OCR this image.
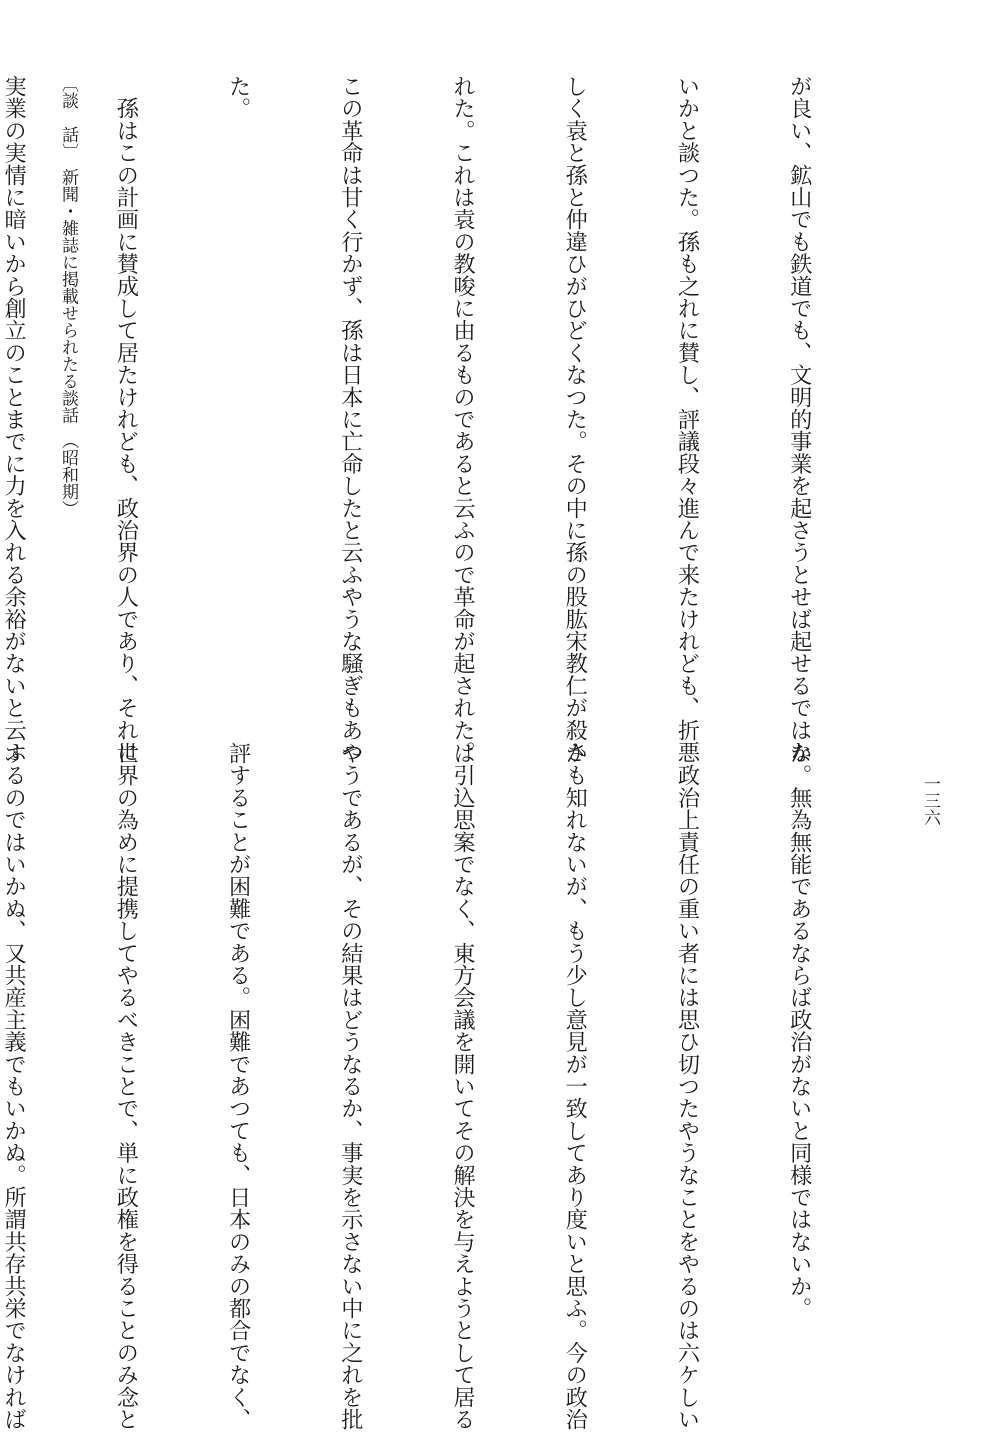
〔談　話〕　新聞・雑誌に掲載せられたる談話　（昭和期）
一三六

が良い、鉱山でも鉄道でも、文明的事業を起さうとせば起せるではな

いかと談つた。孫も之れに賛し、評議段々進んで来たけれども、折悪

しく袁と孫と仲違ひがひどくなつた。その中に孫の股肱宋教仁が殺さ

れた。これは袁の教唆に由るものであると云ふので革命が起された。

この革命は甘く行かず、孫は日本に亡命したと云ふやうな騒ぎもあつ

た。

　孫はこの計画に賛成して居たけれども、政治界の人であり、それに

実業の実情に暗いから創立のことまでに力を入れる余裕がないと云ふ

か。無為無能であるならば政治がないと同様ではないか。

　政治上責任の重い者には思ひ切つたやうなことをやるのは六ケしい

かも知れないが、もう少し意見が一致してあり度いと思ふ。今の政治

は引込思案でなく、東方会議を開いてその解決を与えようとして居る

やうであるが、その結果はどうなるか、事実を示さない中に之れを批

評することが困難である。困難であつても、日本のみの都合でなく、

世界の為めに提携してやるべきことで、単に政権を得ることのみ念と

するのではいかぬ、又共産主義でもいかぬ。所謂共存共栄でなければ
